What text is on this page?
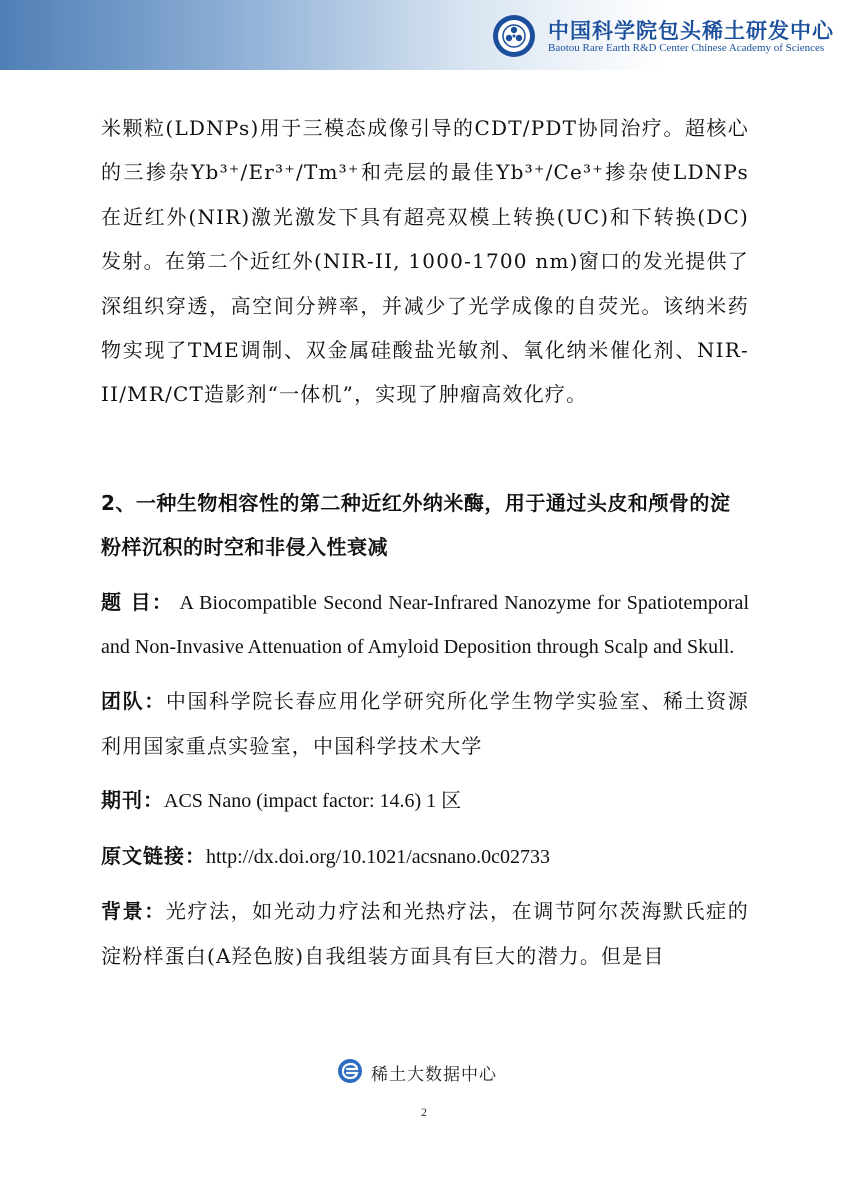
中国科学院包头稀土研发中心
Baotou Rare Earth R&D Center Chinese Academy of Sciences

米颗粒(LDNPs)用于三模态成像引导的CDT/PDT协同治疗。超核心的三掺杂Yb³⁺/Er³⁺/Tm³⁺和壳层的最佳Yb³⁺/Ce³⁺掺杂使LDNPs在近红外(NIR)激光激发下具有超亮双模上转换(UC)和下转换(DC)发射。在第二个近红外(NIR-II, 1000-1700 nm)窗口的发光提供了深组织穿透，高空间分辨率，并减少了光学成像的自荧光。该纳米药物实现了TME调制、双金属硅酸盐光敏剂、氧化纳米催化剂、NIR-II/MR/CT造影剂“一体机”，实现了肿瘤高效化疗。

2、一种生物相容性的第二种近红外纳米酶，用于通过头皮和颅骨的淀粉样沉积的时空和非侵入性衰减

题 目： A Biocompatible Second Near-Infrared Nanozyme for Spatiotemporal and Non-Invasive Attenuation of Amyloid Deposition through Scalp and Skull.

团队：中国科学院长春应用化学研究所化学生物学实验室、稀土资源利用国家重点实验室，中国科学技术大学

期刊：ACS Nano (impact factor: 14.6) 1 区

原文链接：http://dx.doi.org/10.1021/acsnano.0c02733

背景：光疗法，如光动力疗法和光热疗法，在调节阿尔茨海默氏症的淀粉样蛋白(A羟色胺)自我组装方面具有巨大的潜力。但是目

稀土大数据中心
2
